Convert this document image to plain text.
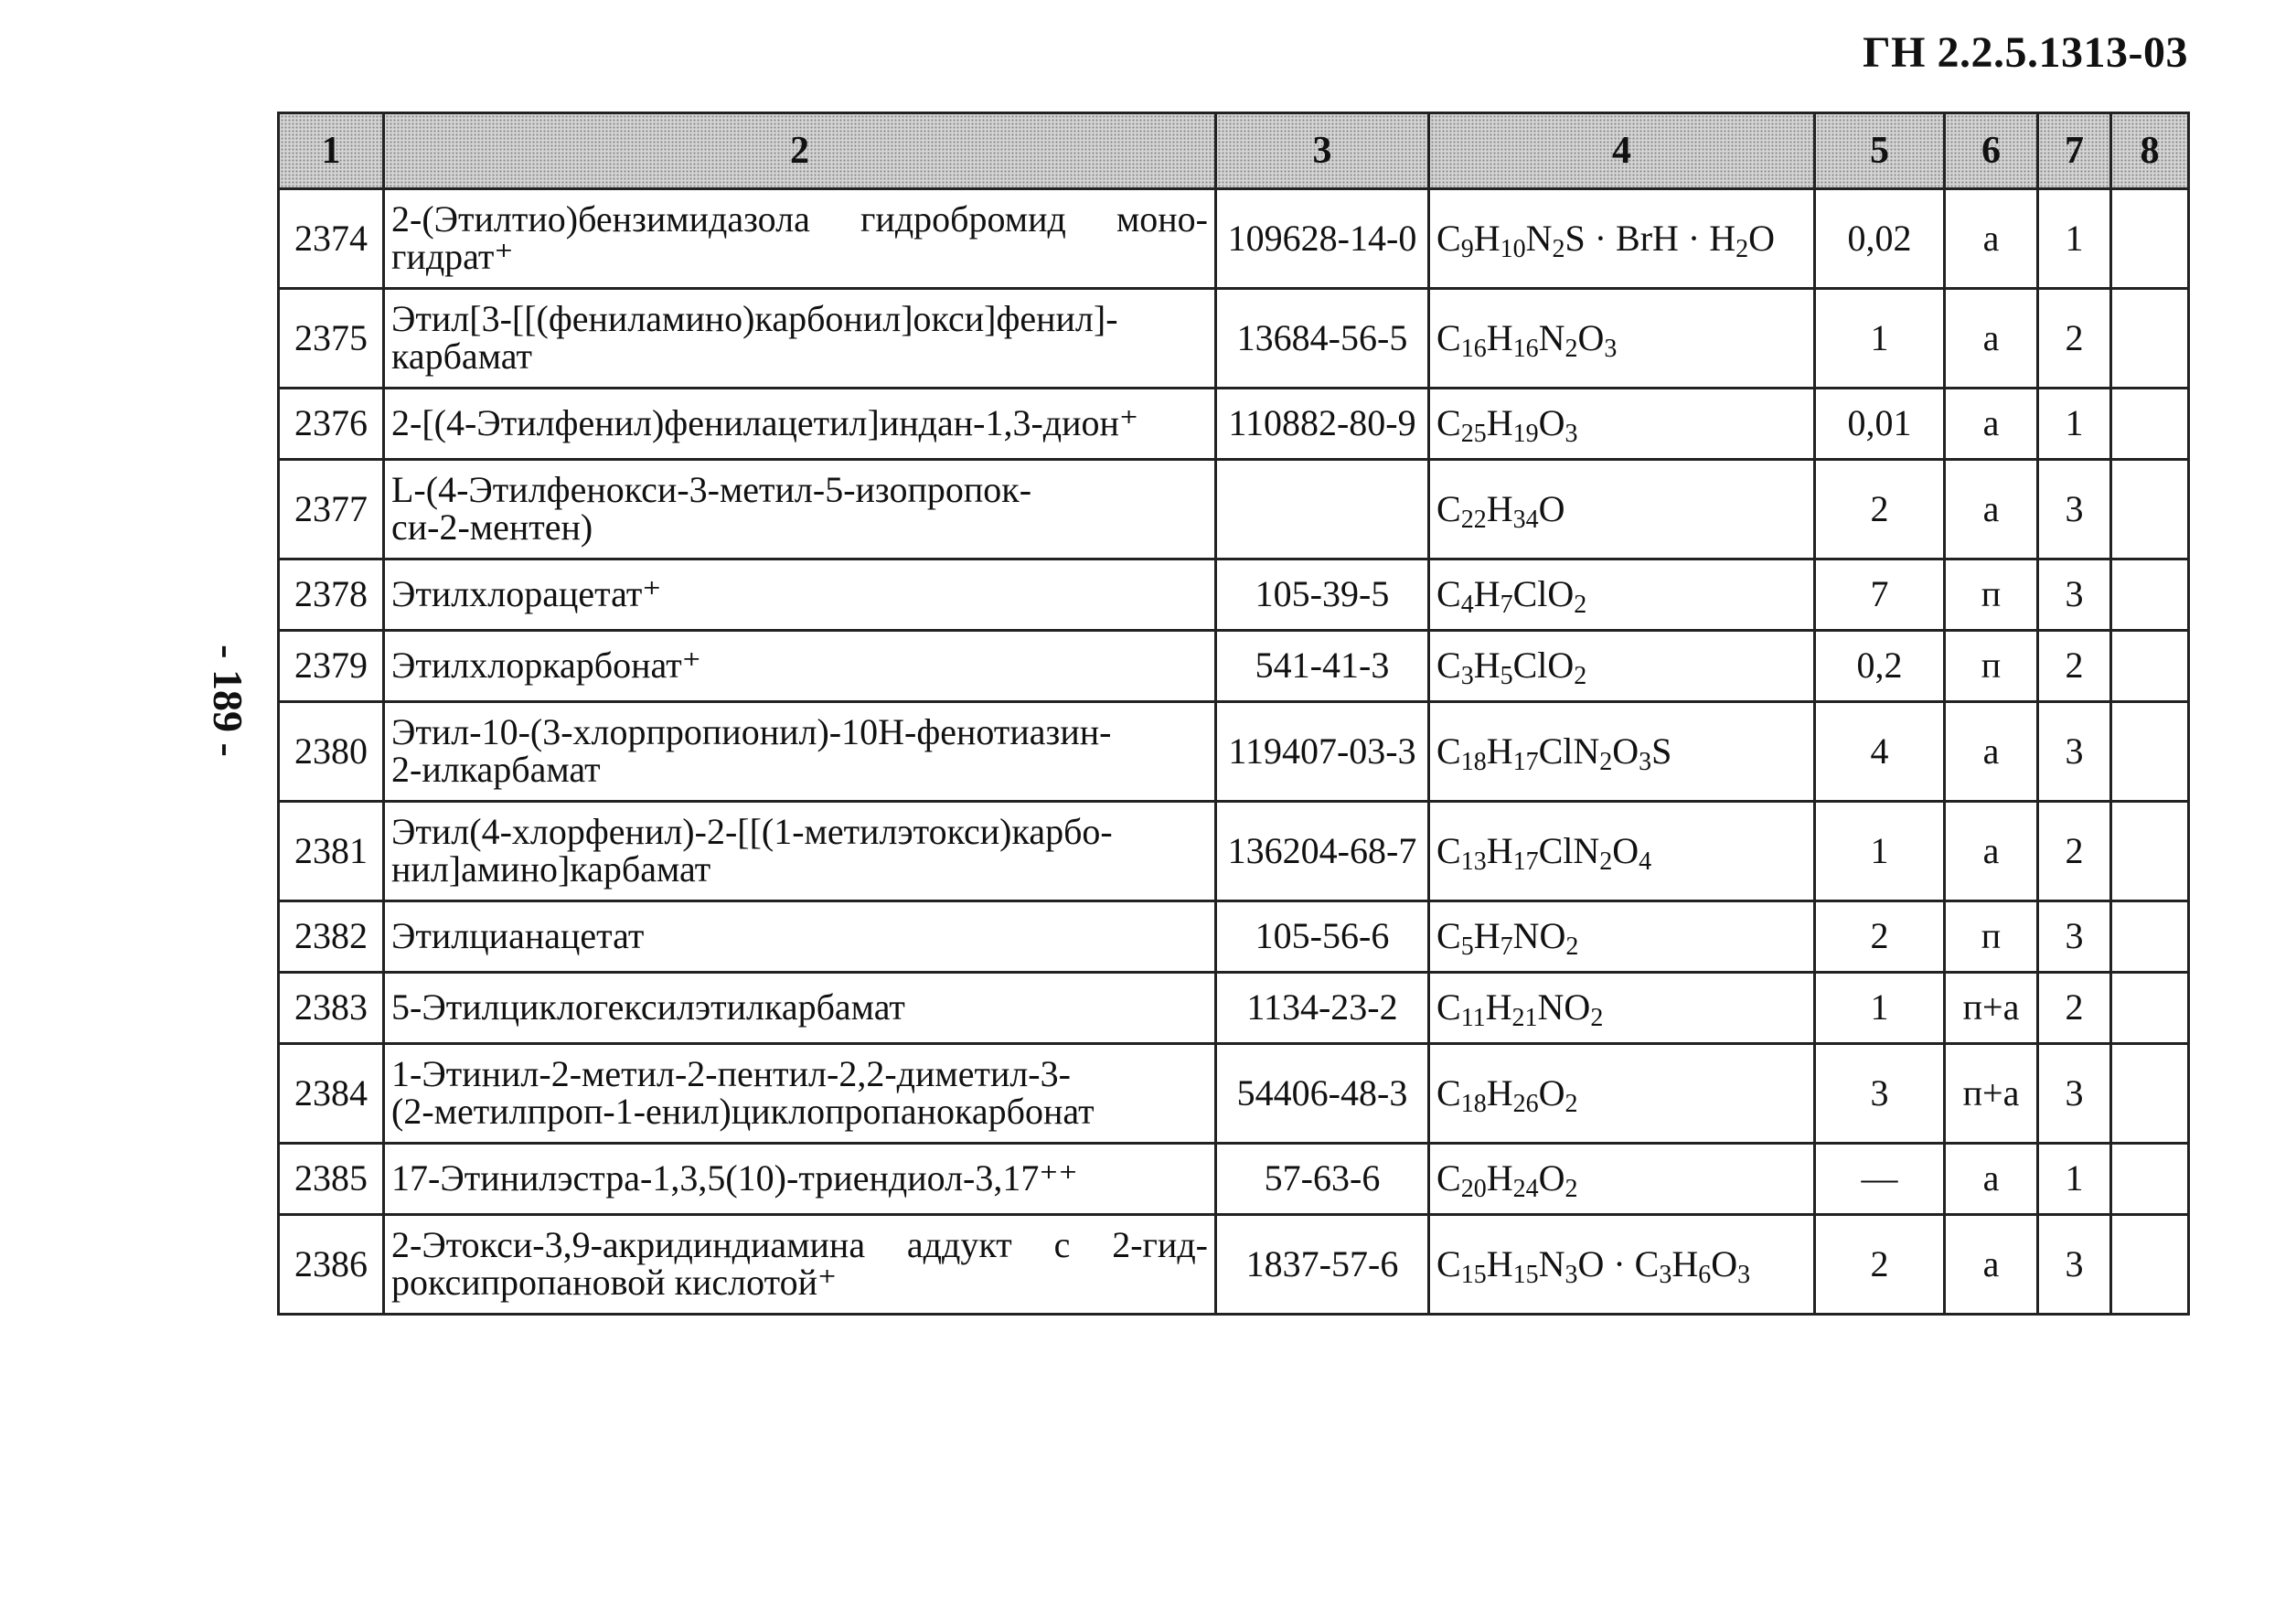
ГН 2.2.5.1313-03
- 189 -
1	2	3	4	5	6	7	8
2374	2-(Этилтио)бензимидазола гидробромид моно-
гидрат⁺	109628-14-0	$C_9H_{10}N_2S$ · BrH · $H_2O$	0,02	а	1	
2375	Этил[3-[[(фениламино)карбонил]окси]фенил]-
карбамат	13684-56-5	$C_{16}H_{16}N_2O_3$	1	а	2	
2376	2-[(4-Этилфенил)фенилацетил]индан-1,3-дион⁺	110882-80-9	$C_{25}H_{19}O_3$	0,01	а	1	
2377	L-(4-Этилфенокси-3-метил-5-изопропок-
си-2-ментен)		$C_{22}H_{34}O$	2	а	3	
2378	Этилхлорацетат⁺	105-39-5	$C_4H_7ClO_2$	7	п	3	
2379	Этилхлоркарбонат⁺	541-41-3	$C_3H_5ClO_2$	0,2	п	2	
2380	Этил-10-(3-хлорпропионил)-10Н-фенотиазин-
2-илкарбамат	119407-03-3	$C_{18}H_{17}ClN_2O_3S$	4	а	3	
2381	Этил(4-хлорфенил)-2-[[(1-метилэтокси)карбо-
нил]амино]карбамат	136204-68-7	$C_{13}H_{17}ClN_2O_4$	1	а	2	
2382	Этилцианацетат	105-56-6	$C_5H_7NO_2$	2	п	3	
2383	5-Этилциклогексилэтилкарбамат	1134-23-2	$C_{11}H_{21}NO_2$	1	п+а	2	
2384	1-Этинил-2-метил-2-пентил-2,2-диметил-3-
(2-метилпроп-1-енил)циклопропанокарбонат	54406-48-3	$C_{18}H_{26}O_2$	3	п+а	3	
2385	17-Этинилэстра-1,3,5(10)-триендиол-3,17⁺⁺	57-63-6	$C_{20}H_{24}O_2$	—	а	1	
2386	2-Этокси-3,9-акридиндиамина аддукт с 2-гид-
роксипропановой кислотой⁺	1837-57-6	$C_{15}H_{15}N_3O \cdot C_3H_6O_3$	2	а	3	
